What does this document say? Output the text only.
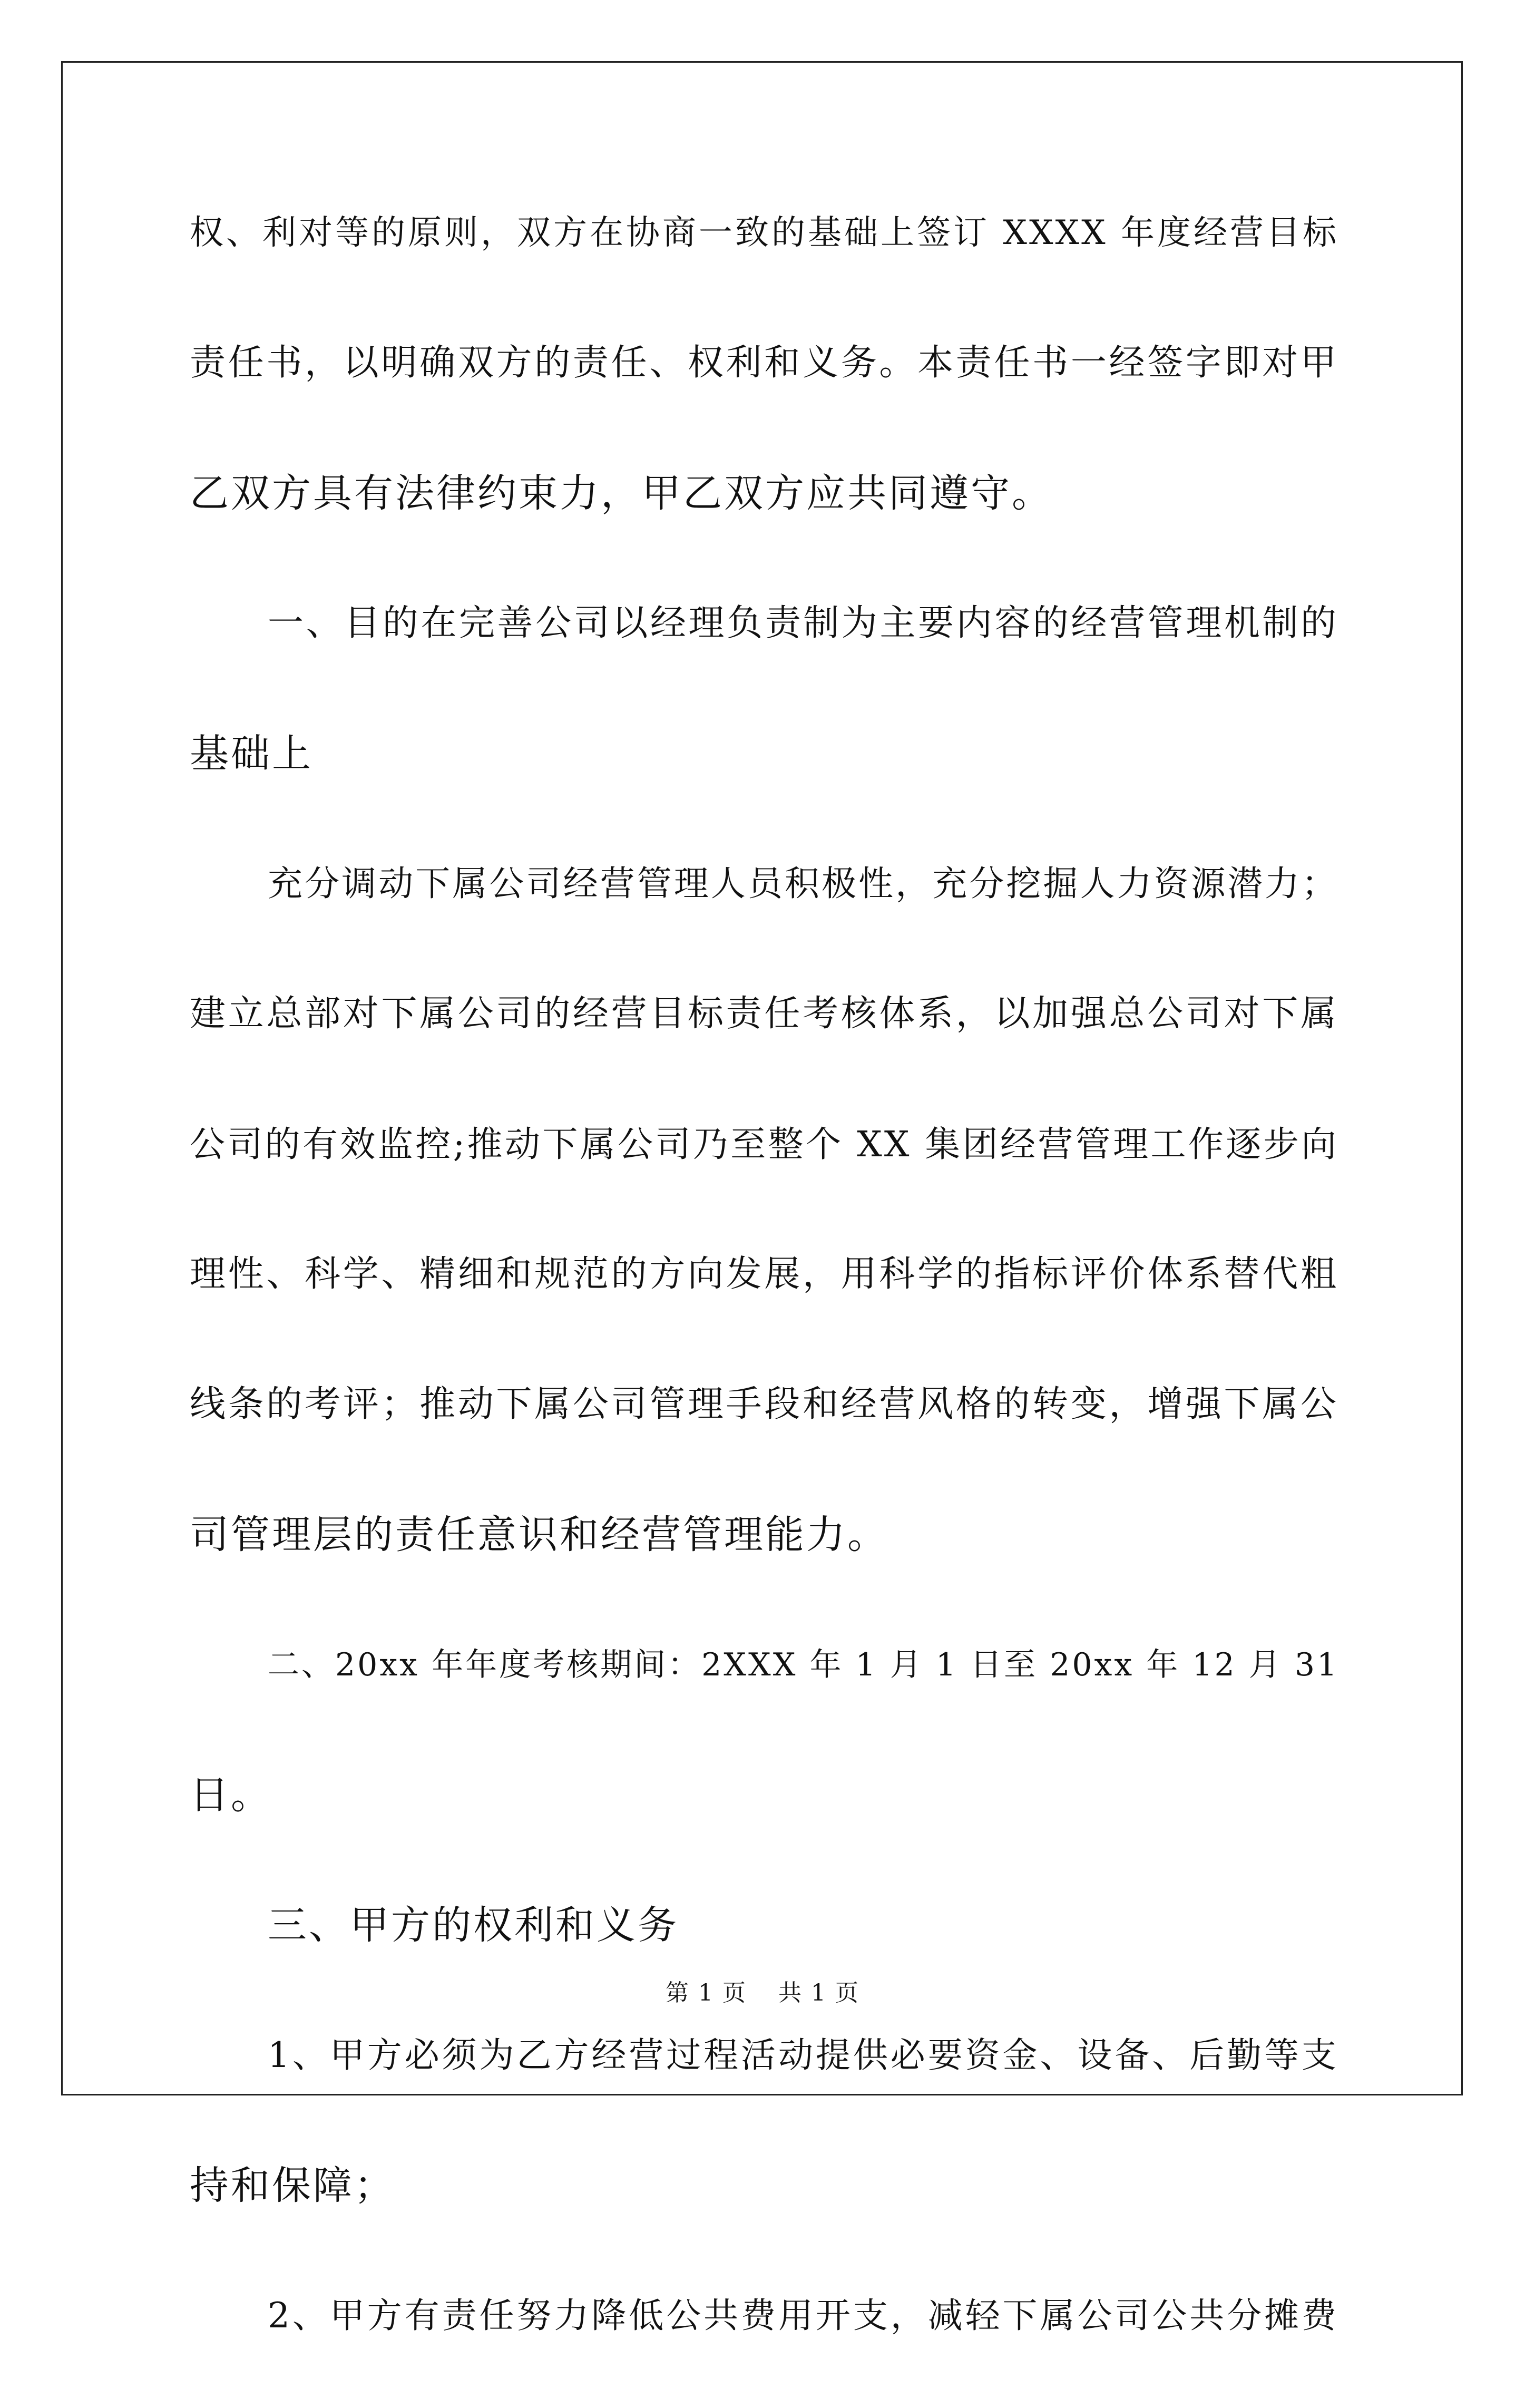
权、利对等的原则，双方在协商一致的基础上签订 XXXX 年度经营目标
责任书，以明确双方的责任、权利和义务。本责任书一经签字即对甲
乙双方具有法律约束力，甲乙双方应共同遵守。
一、目的在完善公司以经理负责制为主要内容的经营管理机制的
基础上
充分调动下属公司经营管理人员积极性，充分挖掘人力资源潜力；
建立总部对下属公司的经营目标责任考核体系，以加强总公司对下属
公司的有效监控;推动下属公司乃至整个 XX 集团经营管理工作逐步向
理性、科学、精细和规范的方向发展，用科学的指标评价体系替代粗
线条的考评；推动下属公司管理手段和经营风格的转变，增强下属公
司管理层的责任意识和经营管理能力。
二、20xx 年年度考核期间：2XXX 年 1 月 1 日至 20xx 年 12 月 31
日。
三、甲方的权利和义务
1、甲方必须为乙方经营过程活动提供必要资金、设备、后勤等支
持和保障；
2、甲方有责任努力降低公共费用开支，减轻下属公司公共分摊费
第 1 页 共 1 页
